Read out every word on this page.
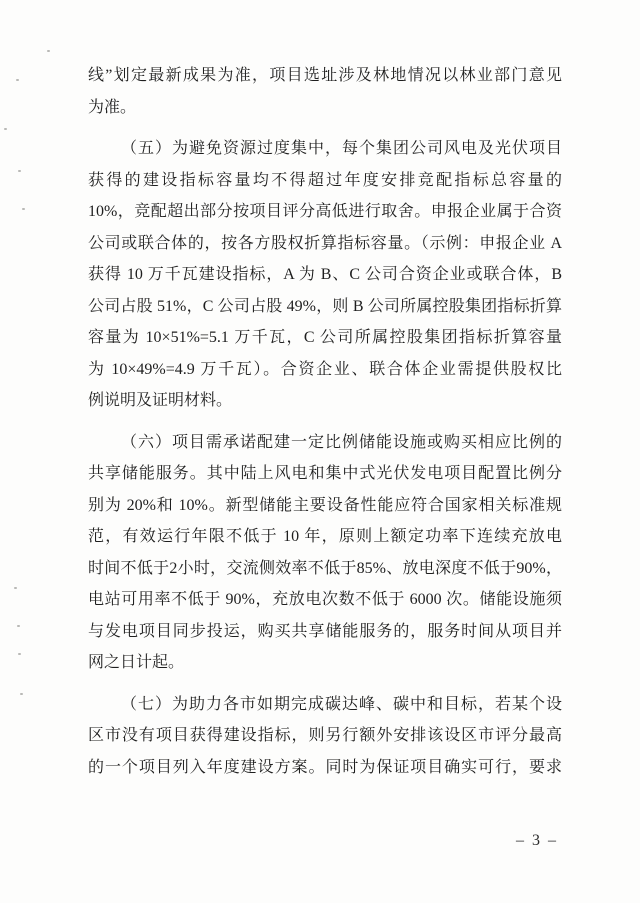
线”划定最新成果为准，项目选址涉及林地情况以林业部门意见
为准。
（五）为避免资源过度集中，每个集团公司风电及光伏项目
获得的建设指标容量均不得超过年度安排竞配指标总容量的
10%，竞配超出部分按项目评分高低进行取舍。申报企业属于合资
公司或联合体的，按各方股权折算指标容量。（示例：申报企业 A
获得 10 万千瓦建设指标，A 为 B、C 公司合资企业或联合体，B
公司占股 51%，C 公司占股 49%，则 B 公司所属控股集团指标折算
容量为 10×51%=5.1 万千瓦，C 公司所属控股集团指标折算容量
为 10×49%=4.9 万千瓦）。合资企业、联合体企业需提供股权比
例说明及证明材料。
（六）项目需承诺配建一定比例储能设施或购买相应比例的
共享储能服务。其中陆上风电和集中式光伏发电项目配置比例分
别为 20%和 10%。新型储能主要设备性能应符合国家相关标准规
范，有效运行年限不低于 10 年，原则上额定功率下连续充放电
时间不低于2小时，交流侧效率不低于85%、放电深度不低于90%，
电站可用率不低于 90%，充放电次数不低于 6000 次。储能设施须
与发电项目同步投运，购买共享储能服务的，服务时间从项目并
网之日计起。
（七）为助力各市如期完成碳达峰、碳中和目标，若某个设
区市没有项目获得建设指标，则另行额外安排该设区市评分最高
的一个项目列入年度建设方案。同时为保证项目确实可行，要求
– 3 –
